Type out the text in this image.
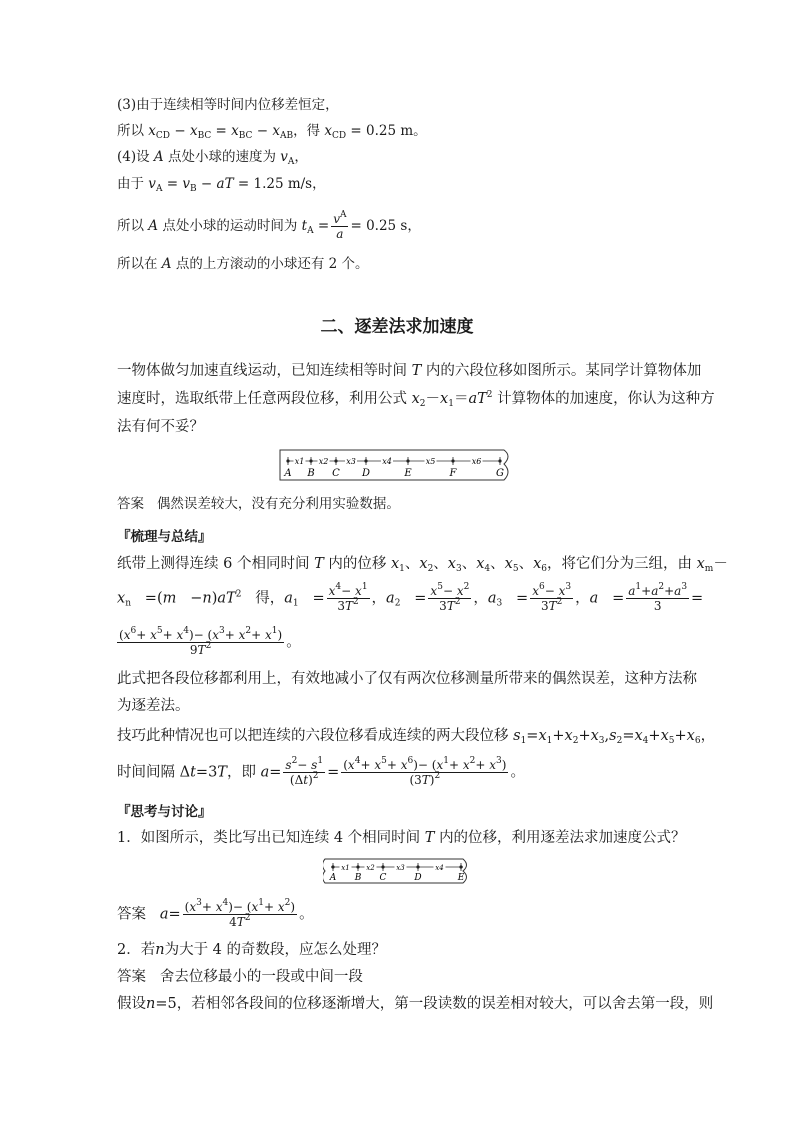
(3)由于连续相等时间内位移差恒定，
所以 $x_{CD} - x_{BC} = x_{BC} - x_{AB}$，得 $x_{CD} = 0.25$ m。
(4)设 A 点处小球的速度为 $v_A$，
由于 $v_A = v_B$ − aT = 1.25 m/s，
所以 A 点处小球的运动时间为 $t_A = \frac{v^A}{a} = 0.25$ s，
所以在 A 点的上方滚动的小球还有 2 个。
二、逐差法求加速度
一物体做匀加速直线运动，已知连续相等时间 T 内的六段位移如图所示。某同学计算物体加
速度时，选取纸带上任意两段位移，利用公式 $x_2-x_1=aT^2$ 计算物体的加速度，你认为这种方
法有何不妥？
A B C D	E	F	G
x1 x2 x3	x4	x5	x6
答案 偶然误差较大，没有充分利用实验数据。
『梳理与总结』
纸带上测得连续 6 个相同时间 T 内的位移 $x_1$、$x_2$、$x_3$、$x_4$、$x_5$、$x_6$，将它们分为三组，由 $x_m-$
$x_n =(m -n)aT^2$ 得，$a_1 = \frac{x^4- x^1}{3T^2}$ ，$a_2 = \frac{x^5- x^2}{3T^2}$ ，$a_3 = \frac{x^6- x^3}{3T^2}$ ，$a = \frac{a^1+a^2+a^3}{3}$ =
$\frac{(x^6+ x^5+ x^4)- (x^3+ x^2+ x^1)}{9T^2}$ 。
此式把各段位移都利用上，有效地减小了仅有两次位移测量所带来的偶然误差，这种方法称
为逐差法。
技巧此种情况也可以把连续的六段位移看成连续的两大段位移 $s_1=x_1+x_2+x_3,s_2=x_4+x_5+x_6$，
时间间隔 Δt=3T，即 $a= \frac{s^2- s^1}{(\Delta t)^2} = \frac{(x^4+ x^5+ x^6)- (x^1+ x^2+ x^3)}{(3T)^2}$ 。
『思考与讨论』
1．如图所示，类比写出已知连续 4 个相同时间 T 内的位移，利用逐差法求加速度公式？
A B C	D	E
x1 x2	x3	x4
答案 $a= \frac{(x^3+ x^4)- (x^1+ x^2)}{4T^2}$ 。
2．若n为大于 4 的奇数段，应怎么处理？
答案 舍去位移最小的一段或中间一段
假设n=5，若相邻各段间的位移逐渐增大，第一段读数的误差相对较大，可以舍去第一段，则
